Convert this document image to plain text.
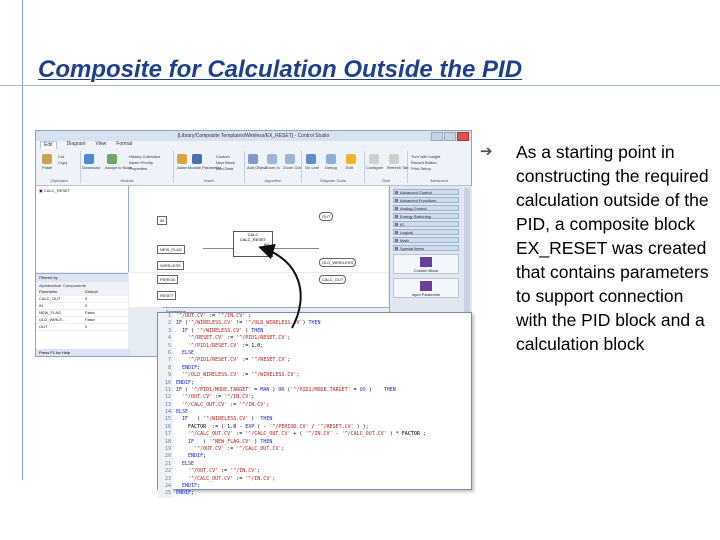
Composite for Calculation Outside the PID
[Library/Composite Templates/Wireless/EX_RESET] - Control Studio
Edit	Diagram View Format
Paste
Cut
Copy
Clipboard
Download Assign to Node
History Collection
Alarm Priority
Properties
Module
Alarm Module Parameter
Custom
New Block
Icon Data
Insert
Add Object
Zoom In Zoom Out
Algorithm
On Line Debug Edit
Diagram Tools
Conﬁgure Refresh Tab
Click
Turn with Insight
Record Button
Print Setup
Advanced
▣ CALC_RESET
IN
NEW_FLAG
WIRELESS
OUT
OLD_WIRELESS
CALC
CALC_RESET
IN1
Filtered by
Alphabetical Components
Parameter	Default
CALC_OUT	0
IN	0
NEW_FLAG	False
OLD_WIRLE...	False
OUT	0
Press F1 for Help
PERIOD
RESET
CALC_OUT
Advanced Control
Advanced Functions
Analog Control
Energy Switching
IO
Logical
Math
Special Items
Custom Block
Input Parameter
1	'^/OUT.CV' := '^/IN.CV' ;
2	IF ('^/WIRELESS.CV' != '^/OLD_WIRELESS.CV') THEN
3	IF ( '^/WIRELESS.CV' ) THEN
4	'^/RESET.CV' := '^/PID1/RESET.CV';
5	'^/PID1/RESET.CV' := 1.0;
6	ELSE
7	'^/PID1/RESET.CV' := '^/RESET.CV';
8	ENDIF;
9	'^/OLD_WIRELESS.CV' := '^/WIRELESS.CV';
10	ENDIF;
11	IF ( '^/PID1/MODE.TARGET' = MAN ) OR ('^/PID1/MODE.TARGET' = OS )    THEN
12	'^/OUT.CV' := '^/IN.CV';
13	'^/CALC_OUT.CV' := '^/IN.CV';
14	ELSE
15	IF   ( '^/WIRELESS.CV' )  THEN
16	FACTOR  := ( 1.0 - EXP ( - '^/PERIOD.CV' / '^/RESET.CV' ) );
17	'^/CALC_OUT.CV' := '^/CALC_OUT.CV' + ( '^/IN.CV' - '^/CALC_OUT.CV' ) * FACTOR ;
18	IF   ( '^NEW_FLAG.CV' ) THEN
19	'^/OUT.CV' := '^/CALC_OUT.CV';
20	ENDIF;
21	ELSE
22	'^/OUT.CV' := '^/IN.CV';
23	'^/CALC_OUT.CV' := '^/IN.CV';
24	ENDIF;
25	ENDIF;
➔ As a starting point in constructing the required calculation outside of the PID, a composite block EX_RESET was created that contains parameters to support connection with the PID block and a calculation block
